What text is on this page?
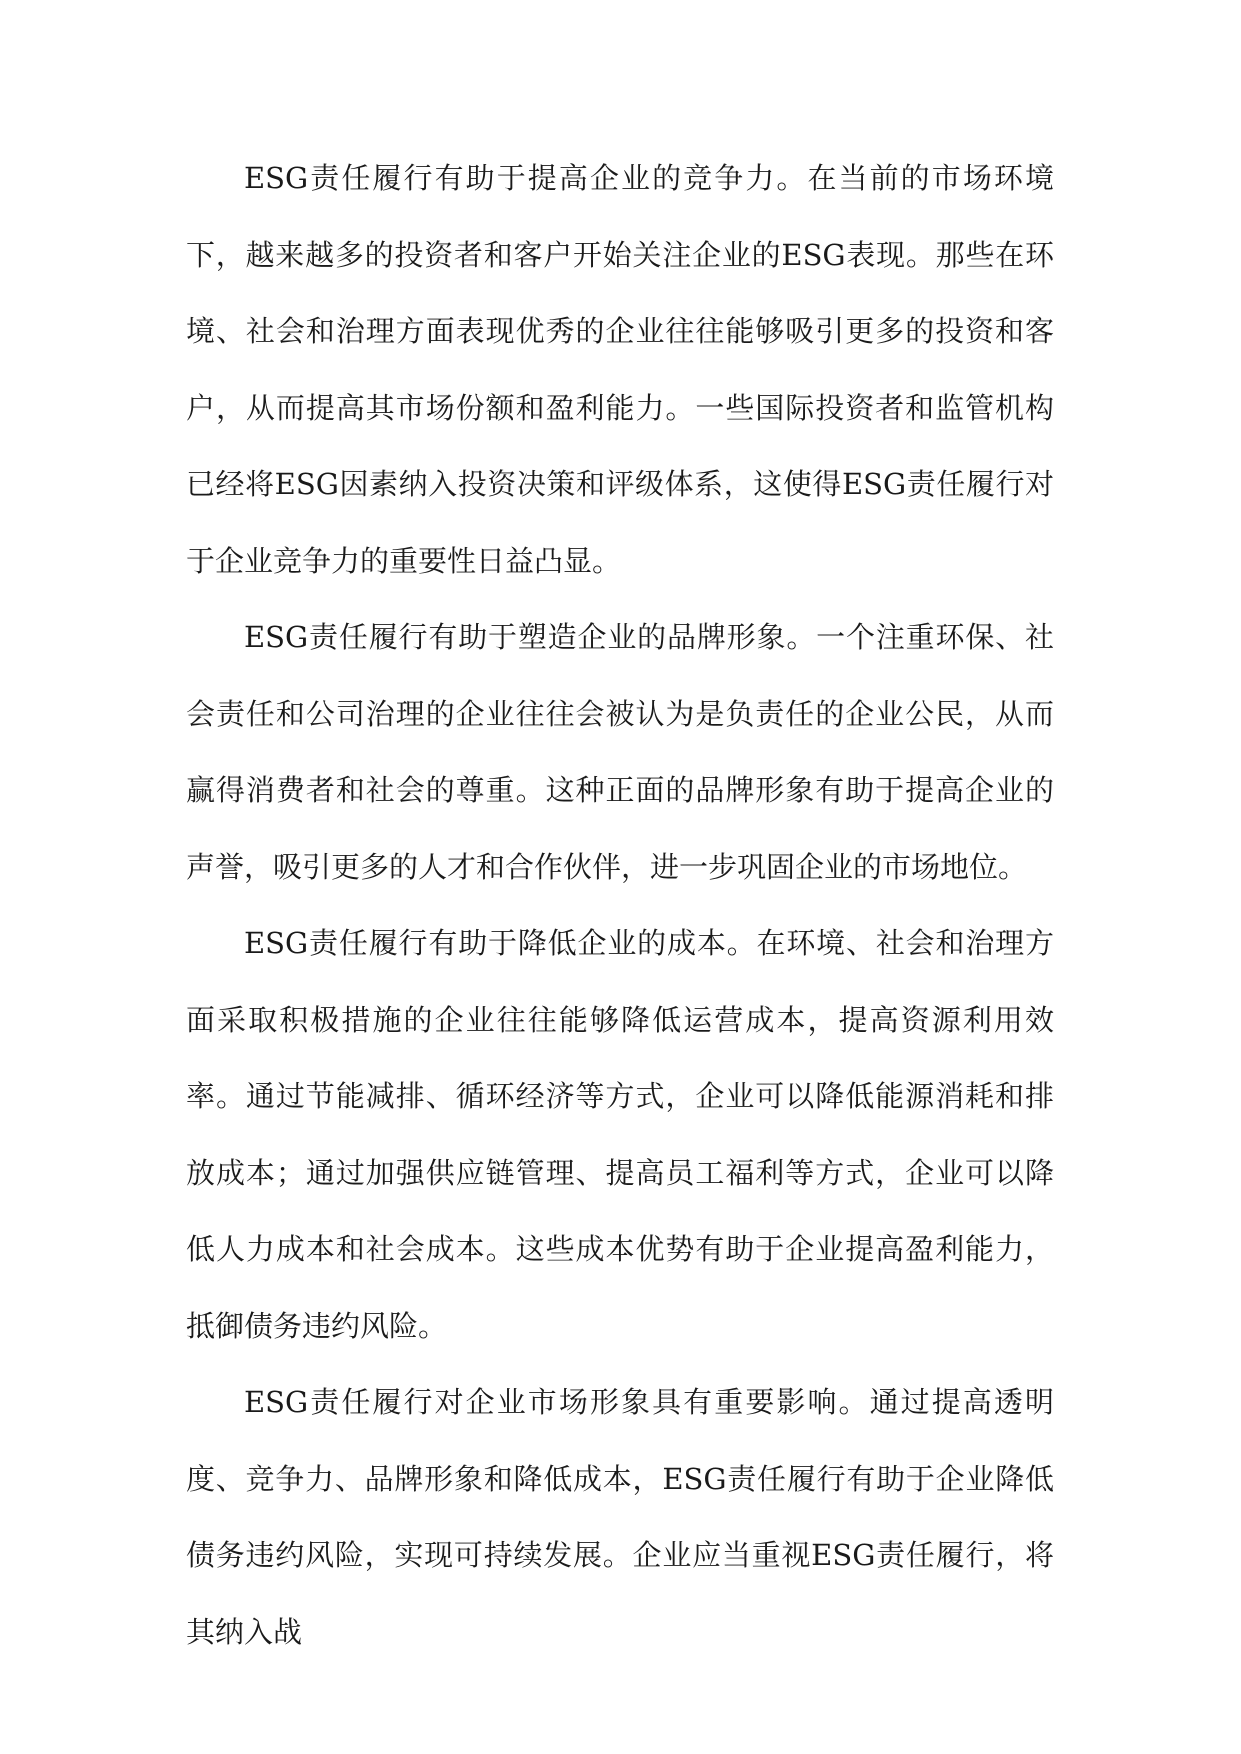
ESG责任履行有助于提高企业的竞争力。在当前的市场环境下，越来越多的投资者和客户开始关注企业的ESG表现。那些在环境、社会和治理方面表现优秀的企业往往能够吸引更多的投资和客户，从而提高其市场份额和盈利能力。一些国际投资者和监管机构已经将ESG因素纳入投资决策和评级体系，这使得ESG责任履行对于企业竞争力的重要性日益凸显。

ESG责任履行有助于塑造企业的品牌形象。一个注重环保、社会责任和公司治理的企业往往会被认为是负责任的企业公民，从而赢得消费者和社会的尊重。这种正面的品牌形象有助于提高企业的声誉，吸引更多的人才和合作伙伴，进一步巩固企业的市场地位。

ESG责任履行有助于降低企业的成本。在环境、社会和治理方面采取积极措施的企业往往能够降低运营成本，提高资源利用效率。通过节能减排、循环经济等方式，企业可以降低能源消耗和排放成本；通过加强供应链管理、提高员工福利等方式，企业可以降低人力成本和社会成本。这些成本优势有助于企业提高盈利能力，抵御债务违约风险。

ESG责任履行对企业市场形象具有重要影响。通过提高透明度、竞争力、品牌形象和降低成本，ESG责任履行有助于企业降低债务违约风险，实现可持续发展。企业应当重视ESG责任履行，将其纳入战
